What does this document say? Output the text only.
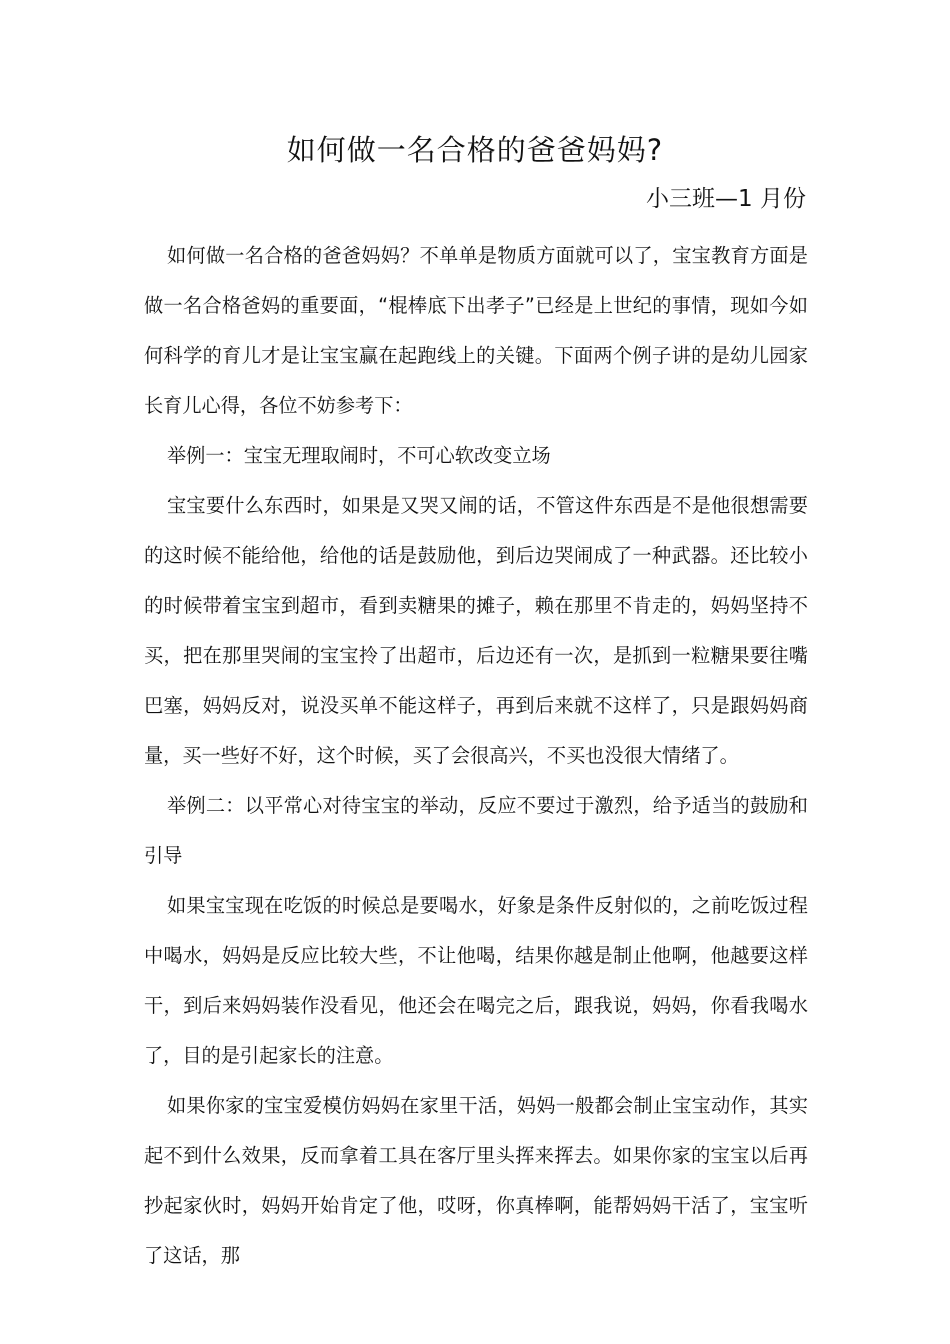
如何做一名合格的爸爸妈妈?

小三班—1 月份

如何做一名合格的爸爸妈妈？不单单是物质方面就可以了，宝宝教育方面是做一名合格爸妈的重要面，“棍棒底下出孝子”已经是上世纪的事情，现如今如何科学的育儿才是让宝宝赢在起跑线上的关键。下面两个例子讲的是幼儿园家长育儿心得，各位不妨参考下：

举例一：宝宝无理取闹时，不可心软改变立场

宝宝要什么东西时，如果是又哭又闹的话，不管这件东西是不是他很想需要的这时候不能给他，给他的话是鼓励他，到后边哭闹成了一种武器。还比较小的时候带着宝宝到超市，看到卖糖果的摊子，赖在那里不肯走的，妈妈坚持不买，把在那里哭闹的宝宝拎了出超市，后边还有一次，是抓到一粒糖果要往嘴巴塞，妈妈反对，说没买单不能这样子，再到后来就不这样了，只是跟妈妈商量，买一些好不好，这个时候，买了会很高兴，不买也没很大情绪了。

举例二：以平常心对待宝宝的举动，反应不要过于激烈，给予适当的鼓励和引导

如果宝宝现在吃饭的时候总是要喝水，好象是条件反射似的，之前吃饭过程中喝水，妈妈是反应比较大些，不让他喝，结果你越是制止他啊，他越要这样干，到后来妈妈装作没看见，他还会在喝完之后，跟我说，妈妈，你看我喝水了，目的是引起家长的注意。

如果你家的宝宝爱模仿妈妈在家里干活，妈妈一般都会制止宝宝动作，其实起不到什么效果，反而拿着工具在客厅里头挥来挥去。如果你家的宝宝以后再抄起家伙时，妈妈开始肯定了他，哎呀，你真棒啊，能帮妈妈干活了，宝宝听了这话，那
